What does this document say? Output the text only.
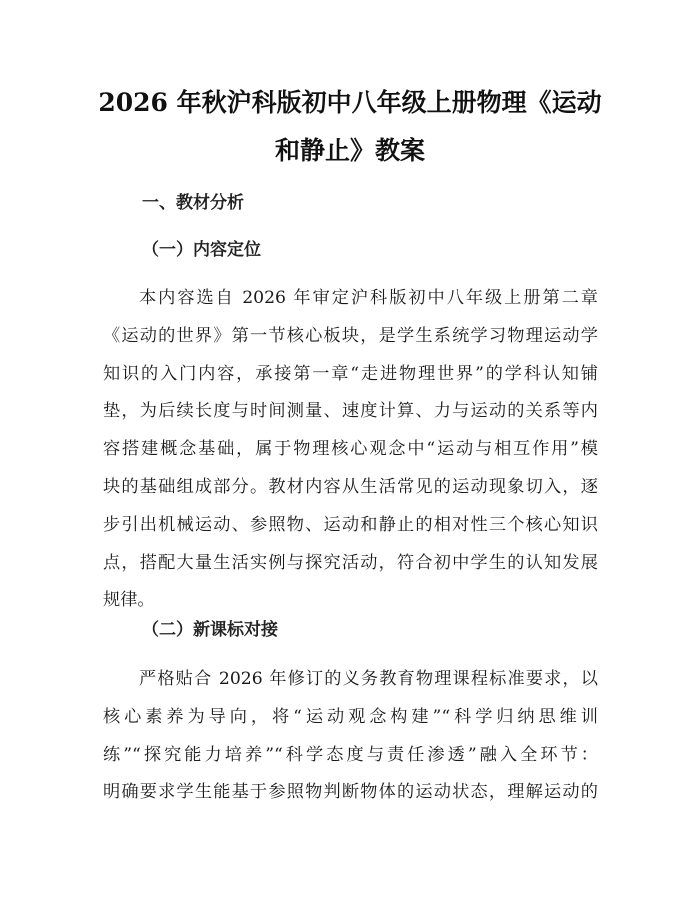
2026 年秋沪科版初中八年级上册物理《运动
和静止》教案
一、教材分析
（一）内容定位
本内容选自 2026 年审定沪科版初中八年级上册第二章
《运动的世界》第一节核心板块，是学生系统学习物理运动学
知识的入门内容，承接第一章“走进物理世界”的学科认知铺
垫，为后续长度与时间测量、速度计算、力与运动的关系等内
容搭建概念基础，属于物理核心观念中“运动与相互作用”模
块的基础组成部分。教材内容从生活常见的运动现象切入，逐
步引出机械运动、参照物、运动和静止的相对性三个核心知识
点，搭配大量生活实例与探究活动，符合初中学生的认知发展
规律。
（二）新课标对接
严格贴合 2026 年修订的义务教育物理课程标准要求，以
核心素养为导向，将“运动观念构建”“科学归纳思维训
练”“探究能力培养”“科学态度与责任渗透”融入全环节：
明确要求学生能基于参照物判断物体的运动状态，理解运动的
